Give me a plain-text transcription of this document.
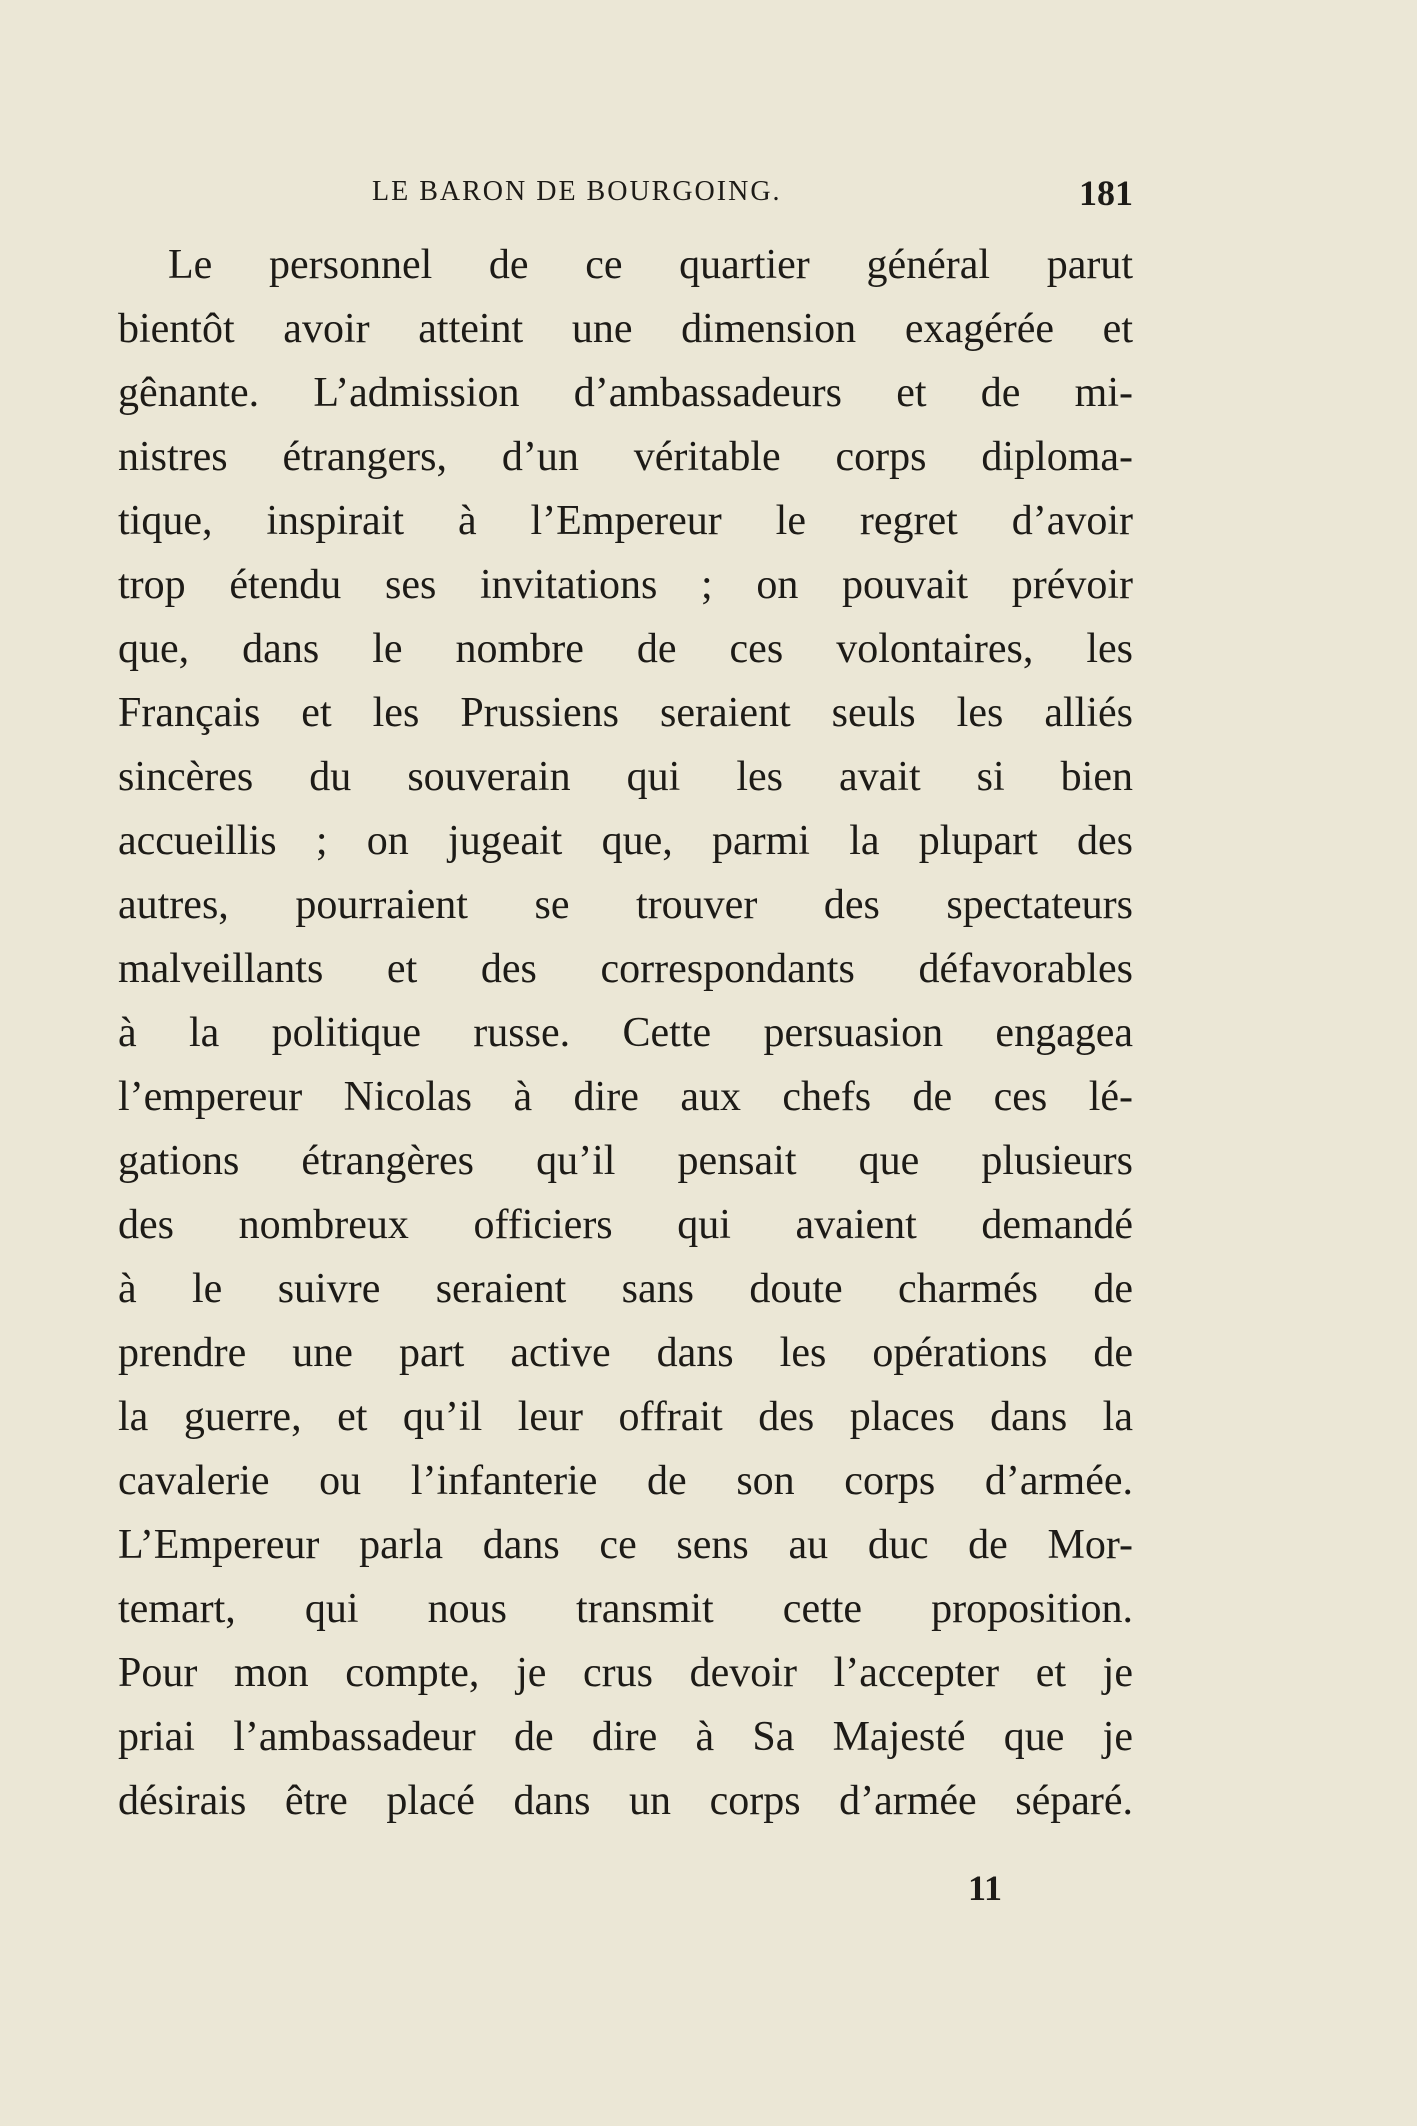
LE BARON DE BOURGOING.	181
Le personnel de ce quartier général parut
bientôt avoir atteint une dimension exagérée et
gênante. L’admission d’ambassadeurs et de mi-
nistres étrangers, d’un véritable corps diploma-
tique, inspirait à l’Empereur le regret d’avoir
trop étendu ses invitations ; on pouvait prévoir
que, dans le nombre de ces volontaires, les
Français et les Prussiens seraient seuls les alliés
sincères du souverain qui les avait si bien
accueillis ; on jugeait que, parmi la plupart des
autres, pourraient se trouver des spectateurs
malveillants et des correspondants défavorables
à la politique russe. Cette persuasion engagea
l’empereur Nicolas à dire aux chefs de ces lé-
gations étrangères qu’il pensait que plusieurs
des nombreux officiers qui avaient demandé
à le suivre seraient sans doute charmés de
prendre une part active dans les opérations de
la guerre, et qu’il leur offrait des places dans la
cavalerie ou l’infanterie de son corps d’armée.
L’Empereur parla dans ce sens au duc de Mor-
temart, qui nous transmit cette proposition.
Pour mon compte, je crus devoir l’accepter et je
priai l’ambassadeur de dire à Sa Majesté que je
désirais être placé dans un corps d’armée séparé.
11
